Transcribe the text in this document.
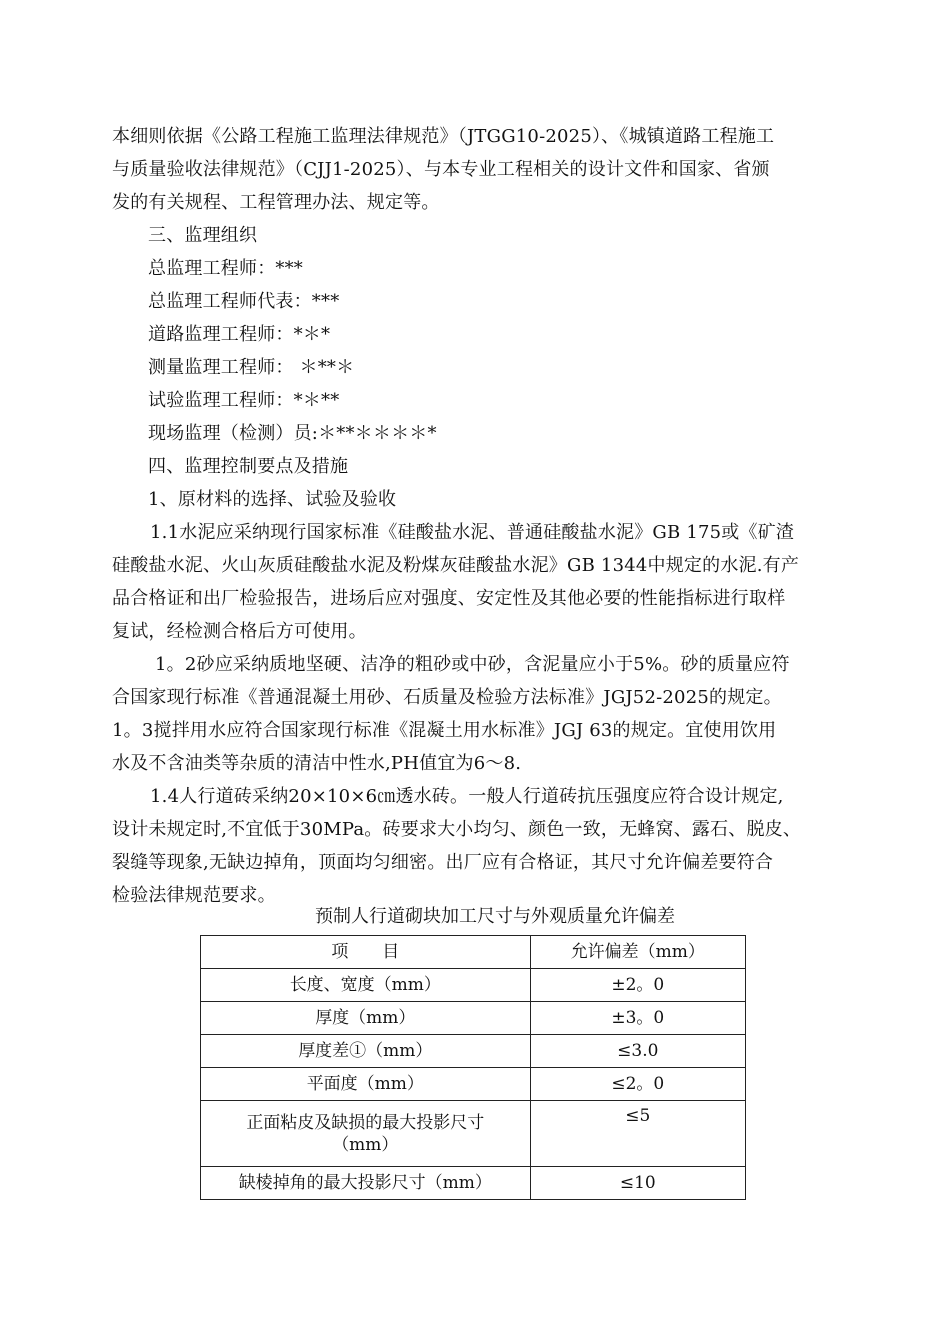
本细则依据《公路工程施工监理法律规范》（JTGG10-2025）、《城镇道路工程施工
与质量验收法律规范》（CJJ1-2025）、与本专业工程相关的设计文件和国家、省颁
发的有关规程、工程管理办法、规定等。
三、监理组织
总监理工程师：***
总监理工程师代表：***
道路监理工程师：*＊*
测量监理工程师： ＊**＊
试验监理工程师：*＊**
现场监理（检测）员:＊**＊＊＊＊*
四、监理控制要点及措施
1、原材料的选择、试验及验收
1.1水泥应采纳现行国家标准《硅酸盐水泥、普通硅酸盐水泥》GB 175或《矿渣
硅酸盐水泥、火山灰质硅酸盐水泥及粉煤灰硅酸盐水泥》GB 1344中规定的水泥.有产
品合格证和出厂检验报告，进场后应对强度、安定性及其他必要的性能指标进行取样
复试，经检测合格后方可使用。
1。2砂应采纳质地坚硬、洁净的粗砂或中砂，含泥量应小于5%。砂的质量应符
合国家现行标准《普通混凝土用砂、石质量及检验方法标准》JGJ52-2025的规定。
1。3搅拌用水应符合国家现行标准《混凝土用水标准》JGJ 63的规定。宜使用饮用
水及不含油类等杂质的清洁中性水,PH值宜为6～8.
1.4人行道砖采纳20×10×6㎝透水砖。一般人行道砖抗压强度应符合设计规定,
设计未规定时,不宜低于30MPa。砖要求大小均匀、颜色一致，无蜂窝、露石、脱皮、
裂缝等现象,无缺边掉角，顶面均匀细密。出厂应有合格证，其尺寸允许偏差要符合
检验法律规范要求。
预制人行道砌块加工尺寸与外观质量允许偏差
项　　目	允许偏差（mm）
长度、宽度（mm）	±2。0
厚度（mm）	±3。0
厚度差①（mm）	≤3.0
平面度（mm）	≤2。0
正面粘皮及缺损的最大投影尺寸（mm）	≤5
缺棱掉角的最大投影尺寸（mm）	≤10
